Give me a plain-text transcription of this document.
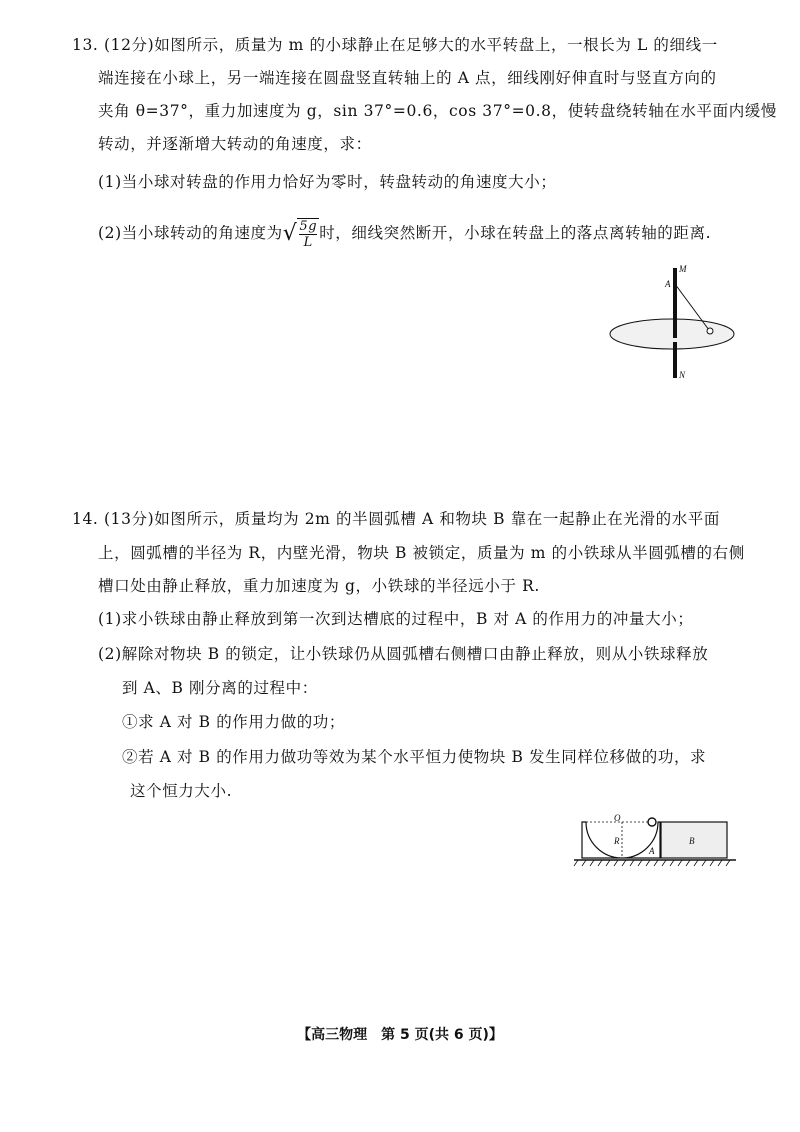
13. (12分)如图所示，质量为 m 的小球静止在足够大的水平转盘上，一根长为 L 的细线一
端连接在小球上，另一端连接在圆盘竖直转轴上的 A 点，细线刚好伸直时与竖直方向的
夹角 θ=37°，重力加速度为 g，sin 37°=0.6，cos 37°=0.8，使转盘绕转轴在水平面内缓慢
转动，并逐渐增大转动的角速度，求：
(1)当小球对转盘的作用力恰好为零时，转盘转动的角速度大小；
(2)当小球转动的角速度为√ $\frac{5g}{L}$ 时，细线突然断开，小球在转盘上的落点离转轴的距离.
M
A
N
14. (13分)如图所示，质量均为 2m 的半圆弧槽 A 和物块 B 靠在一起静止在光滑的水平面
上，圆弧槽的半径为 R，内壁光滑，物块 B 被锁定，质量为 m 的小铁球从半圆弧槽的右侧
槽口处由静止释放，重力加速度为 g，小铁球的半径远小于 R.
(1)求小铁球由静止释放到第一次到达槽底的过程中，B 对 A 的作用力的冲量大小；
(2)解除对物块 B 的锁定，让小铁球仍从圆弧槽右侧槽口由静止释放，则从小铁球释放
到 A、B 刚分离的过程中：
①求 A 对 B 的作用力做的功；
②若 A 对 B 的作用力做功等效为某个水平恒力使物块 B 发生同样位移做的功，求
这个恒力大小.
O
R
A
B
【高三物理　第 5 页(共 6 页)】
